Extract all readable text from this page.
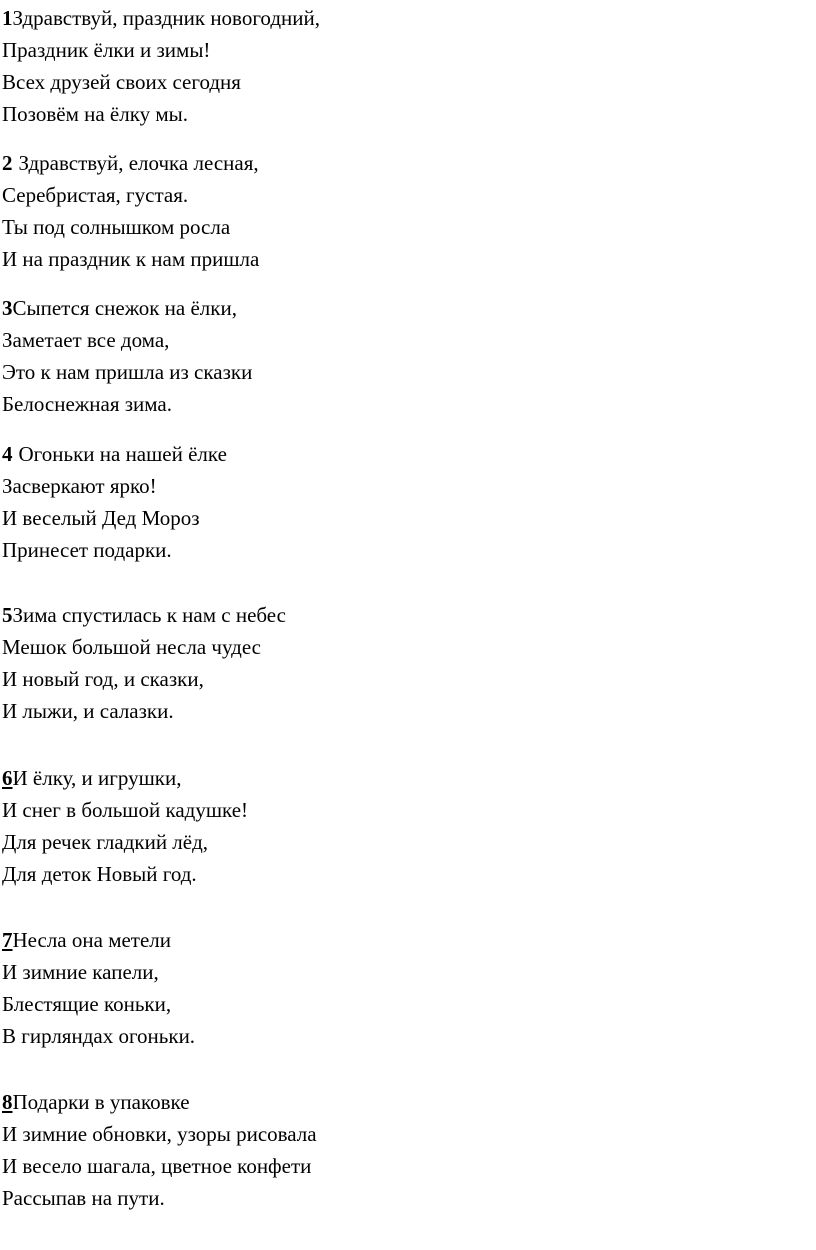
1Здравствуй, праздник новогодний,
Праздник ёлки и зимы!
Всех друзей своих сегодня
Позовём на ёлку мы.
2 Здравствуй, елочка лесная,
Серебристая, густая.
Ты под солнышком росла
И на праздник к нам пришла
3Сыпется снежок на ёлки,
Заметает все дома,
Это к нам пришла из сказки
Белоснежная зима.
4 Огоньки на нашей ёлке
Засверкают ярко!
И веселый Дед Мороз
Принесет подарки.
5Зима спустилась к нам с небес
Мешок большой несла чудес
И новый год, и сказки,
И лыжи, и салазки.
6И ёлку, и игрушки,
И снег в большой кадушке!
Для речек гладкий лёд,
Для деток Новый год.
7Несла она метели
И зимние капели,
Блестящие коньки,
В гирляндах огоньки.
8Подарки в упаковке
И зимние обновки, узоры рисовала
И весело шагала, цветное конфети
Рассыпав на пути.
